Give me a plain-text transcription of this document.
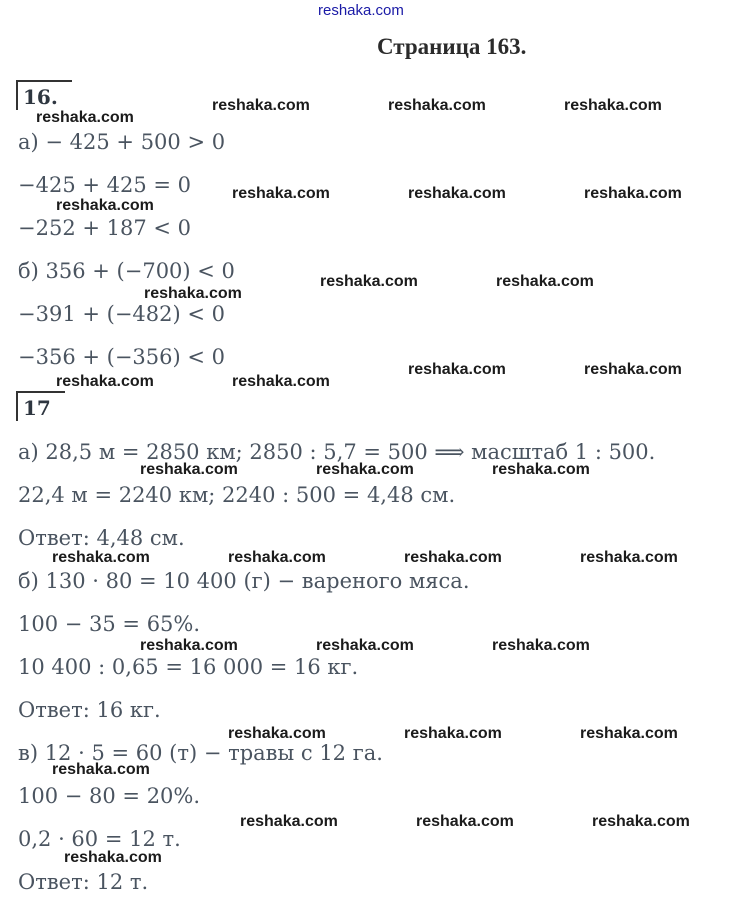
reshaka.com
Страница 163.
16.
а) − 425 + 500 > 0
−425 + 425 = 0
−252 + 187 < 0
б) 356 + (−700) < 0
−391 + (−482) < 0
−356 + (−356) < 0
17
а) 28,5 м = 2850 км; 2850 : 5,7 = 500 ⟹ масштаб 1 : 500.
22,4 м = 2240 км; 2240 : 500 = 4,48 см.
Ответ: 4,48 см.
б) 130 · 80 = 10 400 (г) − вареного мяса.
100 − 35 = 65%.
10 400 : 0,65 = 16 000 = 16 кг.
Ответ: 16 кг.
в) 12 · 5 = 60 (т) − травы с 12 га.
100 − 80 = 20%.
0,2 · 60 = 12 т.
Ответ: 12 т.
reshaka.com
reshaka.com	reshaka.com	reshaka.com
reshaka.com	reshaka.com	reshaka.com
reshaka.com
reshaka.com	reshaka.com
reshaka.com
reshaka.com	reshaka.com
reshaka.com	reshaka.com
reshaka.com	reshaka.com	reshaka.com
reshaka.com	reshaka.com	reshaka.com	reshaka.com
reshaka.com	reshaka.com	reshaka.com
reshaka.com	reshaka.com	reshaka.com
reshaka.com
reshaka.com	reshaka.com	reshaka.com
reshaka.com
